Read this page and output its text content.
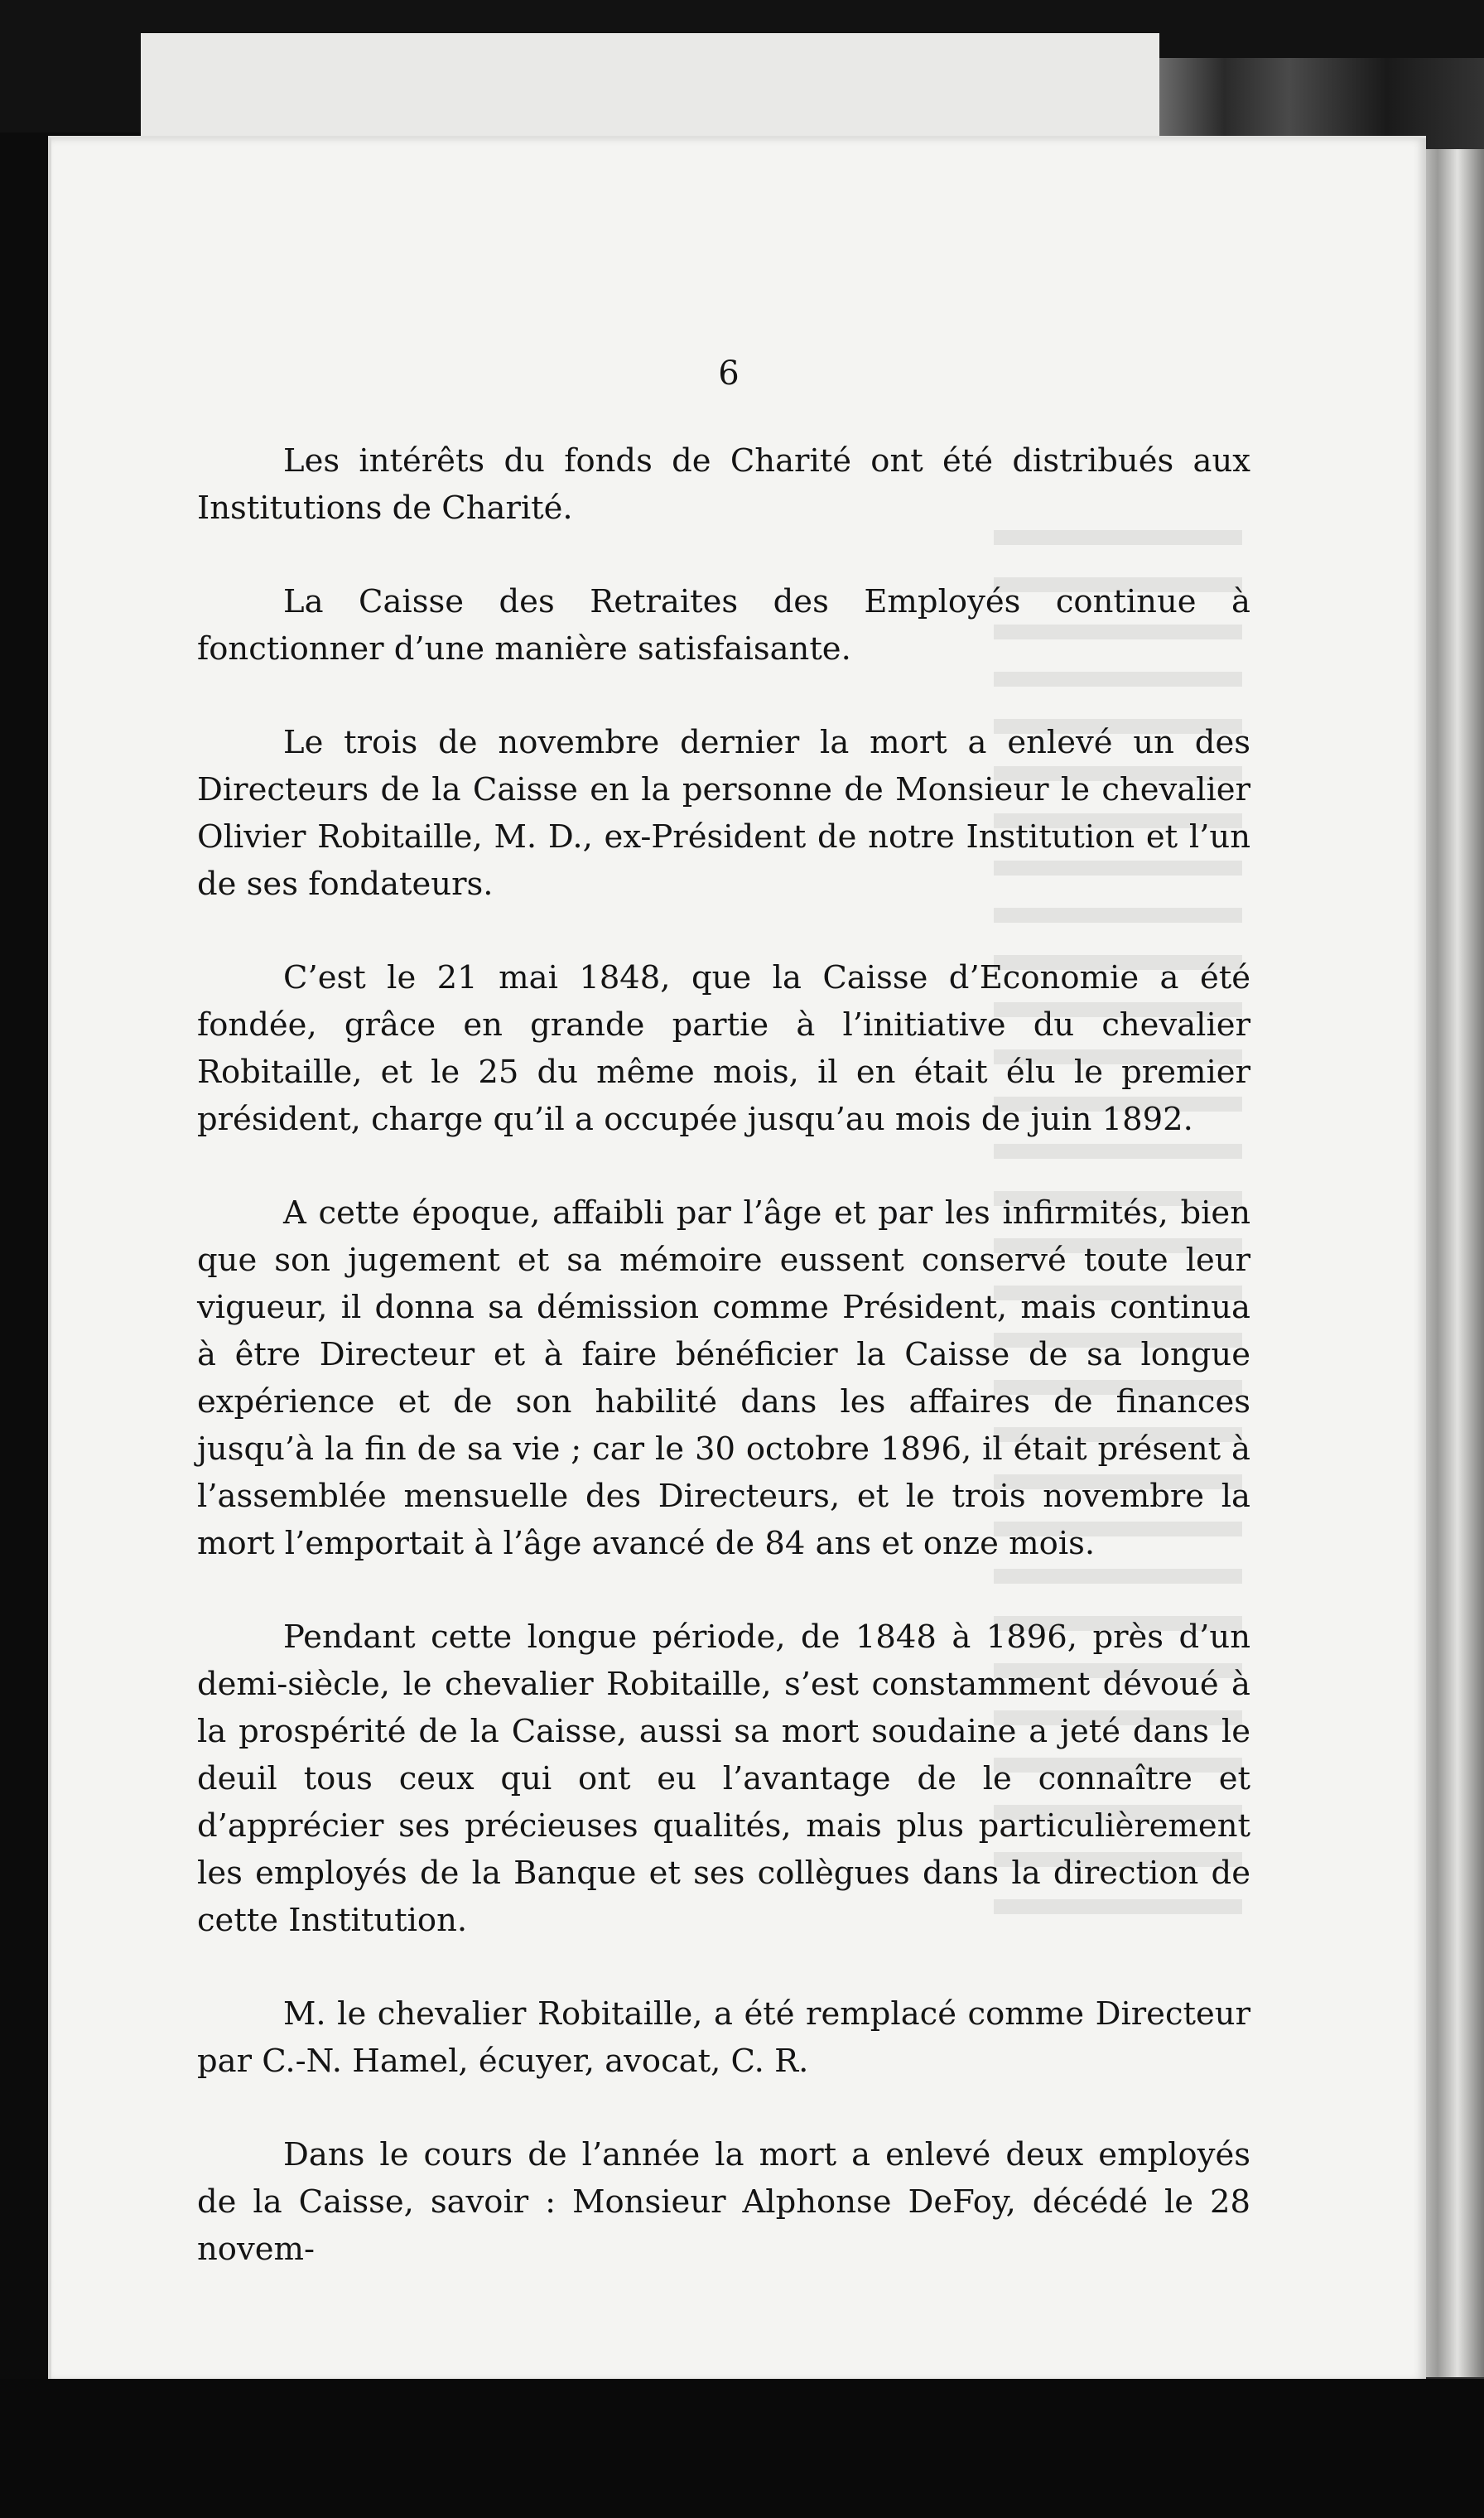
6

Les intérêts du fonds de Charité ont été distribués aux Institutions de Charité.

La Caisse des Retraites des Employés continue à fonctionner d’une manière satisfaisante.

Le trois de novembre dernier la mort a enlevé un des Directeurs de la Caisse en la personne de Monsieur le chevalier Olivier Robitaille, M. D., ex-Président de notre Institution et l’un de ses fondateurs.

C’est le 21 mai 1848, que la Caisse d’Economie a été fondée, grâce en grande partie à l’initiative du chevalier Robitaille, et le 25 du même mois, il en était élu le premier président, charge qu’il a occupée jusqu’au mois de juin 1892.

A cette époque, affaibli par l’âge et par les infirmités, bien que son jugement et sa mémoire eussent conservé toute leur vigueur, il donna sa démission comme Président, mais continua à être Directeur et à faire bénéficier la Caisse de sa longue expérience et de son habilité dans les affaires de finances jusqu’à la fin de sa vie ; car le 30 octobre 1896, il était présent à l’assemblée mensuelle des Directeurs, et le trois novembre la mort l’emportait à l’âge avancé de 84 ans et onze mois.

Pendant cette longue période, de 1848 à 1896, près d’un demi-siècle, le chevalier Robitaille, s’est constamment dévoué à la prospérité de la Caisse, aussi sa mort soudaine a jeté dans le deuil tous ceux qui ont eu l’avantage de le connaître et d’apprécier ses précieuses qualités, mais plus particulièrement les employés de la Banque et ses collègues dans la direction de cette Institution.

M. le chevalier Robitaille, a été remplacé comme Directeur par C.-N. Hamel, écuyer, avocat, C. R.

Dans le cours de l’année la mort a enlevé deux employés de la Caisse, savoir : Monsieur Alphonse DeFoy, décédé le 28 novem-
